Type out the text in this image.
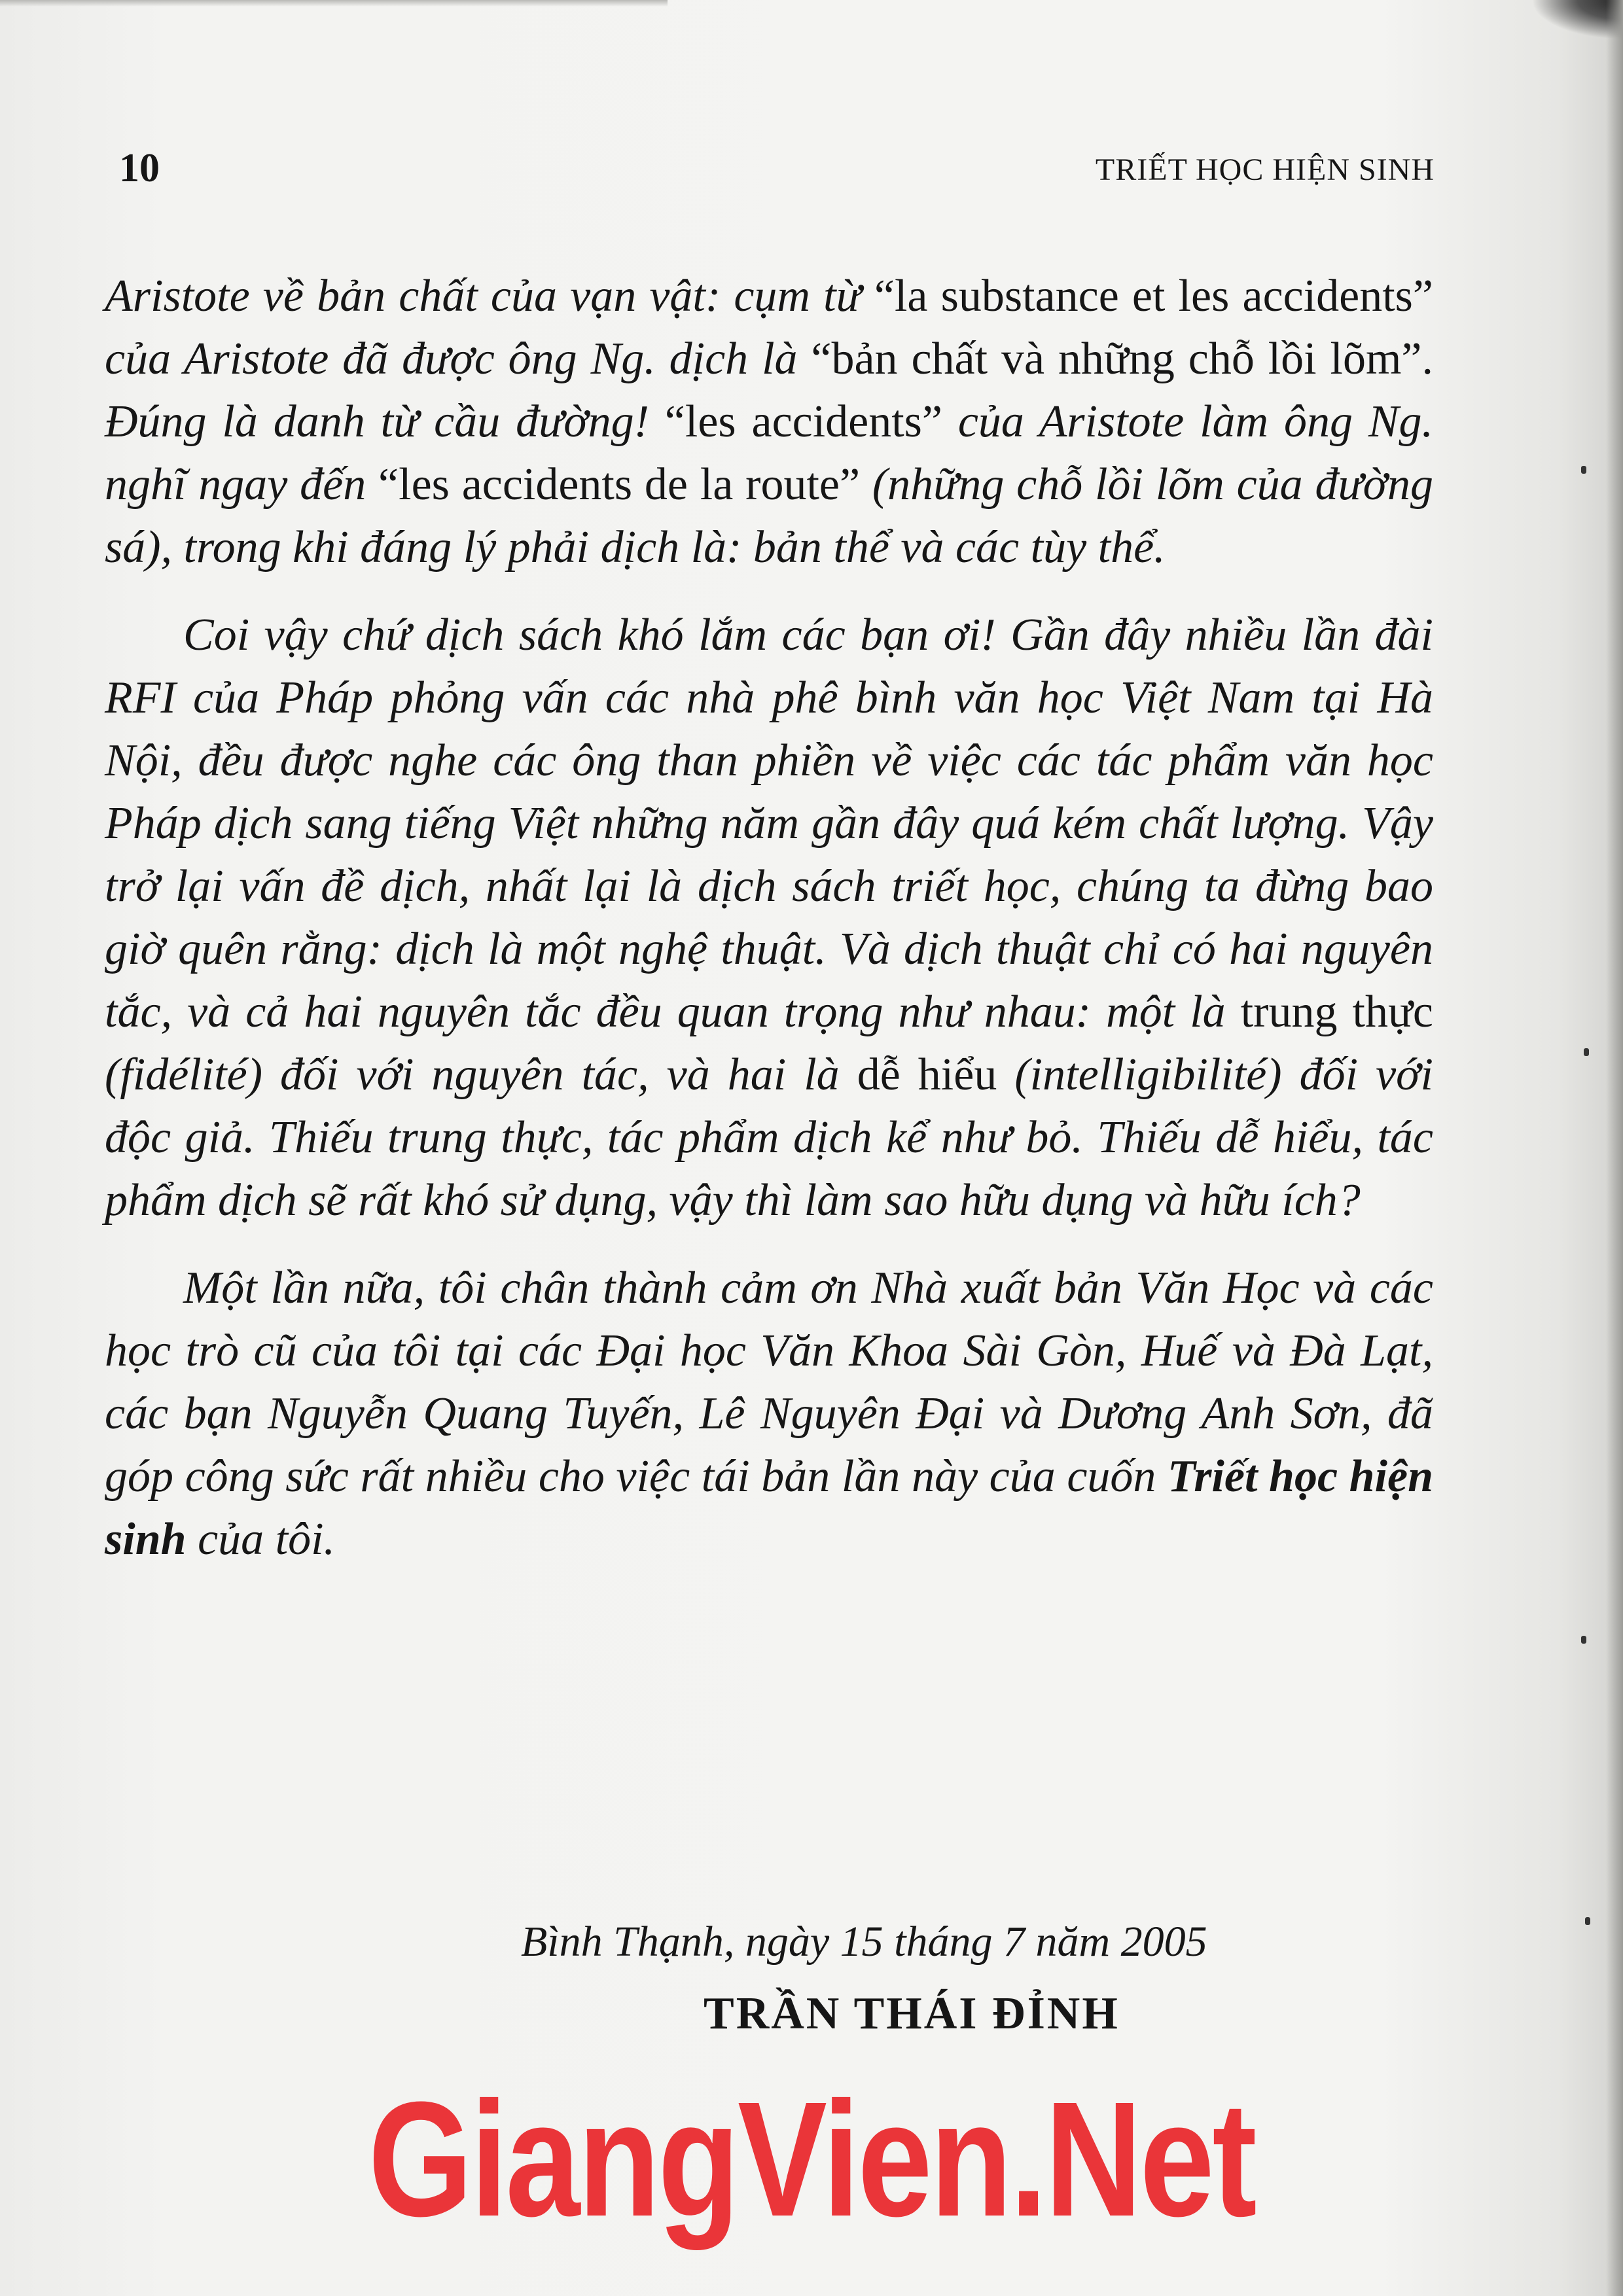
10	TRIẾT HỌC HIỆN SINH

Aristote về bản chất của vạn vật: cụm từ “la substance et les accidents” của Aristote đã được ông Ng. dịch là “bản chất và những chỗ lồi lõm”. Đúng là danh từ cầu đường! “les accidents” của Aristote làm ông Ng. nghĩ ngay đến “les accidents de la route” (những chỗ lồi lõm của đường sá), trong khi đáng lý phải dịch là: bản thể và các tùy thể.

Coi vậy chứ dịch sách khó lắm các bạn ơi! Gần đây nhiều lần đài RFI của Pháp phỏng vấn các nhà phê bình văn học Việt Nam tại Hà Nội, đều được nghe các ông than phiền về việc các tác phẩm văn học Pháp dịch sang tiếng Việt những năm gần đây quá kém chất lượng. Vậy trở lại vấn đề dịch, nhất lại là dịch sách triết học, chúng ta đừng bao giờ quên rằng: dịch là một nghệ thuật. Và dịch thuật chỉ có hai nguyên tắc, và cả hai nguyên tắc đều quan trọng như nhau: một là trung thực (fidélité) đối với nguyên tác, và hai là dễ hiểu (intelligibilité) đối với độc giả. Thiếu trung thực, tác phẩm dịch kể như bỏ. Thiếu dễ hiểu, tác phẩm dịch sẽ rất khó sử dụng, vậy thì làm sao hữu dụng và hữu ích?

Một lần nữa, tôi chân thành cảm ơn Nhà xuất bản Văn Học và các học trò cũ của tôi tại các Đại học Văn Khoa Sài Gòn, Huế và Đà Lạt, các bạn Nguyễn Quang Tuyến, Lê Nguyên Đại và Dương Anh Sơn, đã góp công sức rất nhiều cho việc tái bản lần này của cuốn Triết học hiện sinh của tôi.

Bình Thạnh, ngày 15 tháng 7 năm 2005
TRẦN THÁI ĐỈNH
GiangVien.Net
